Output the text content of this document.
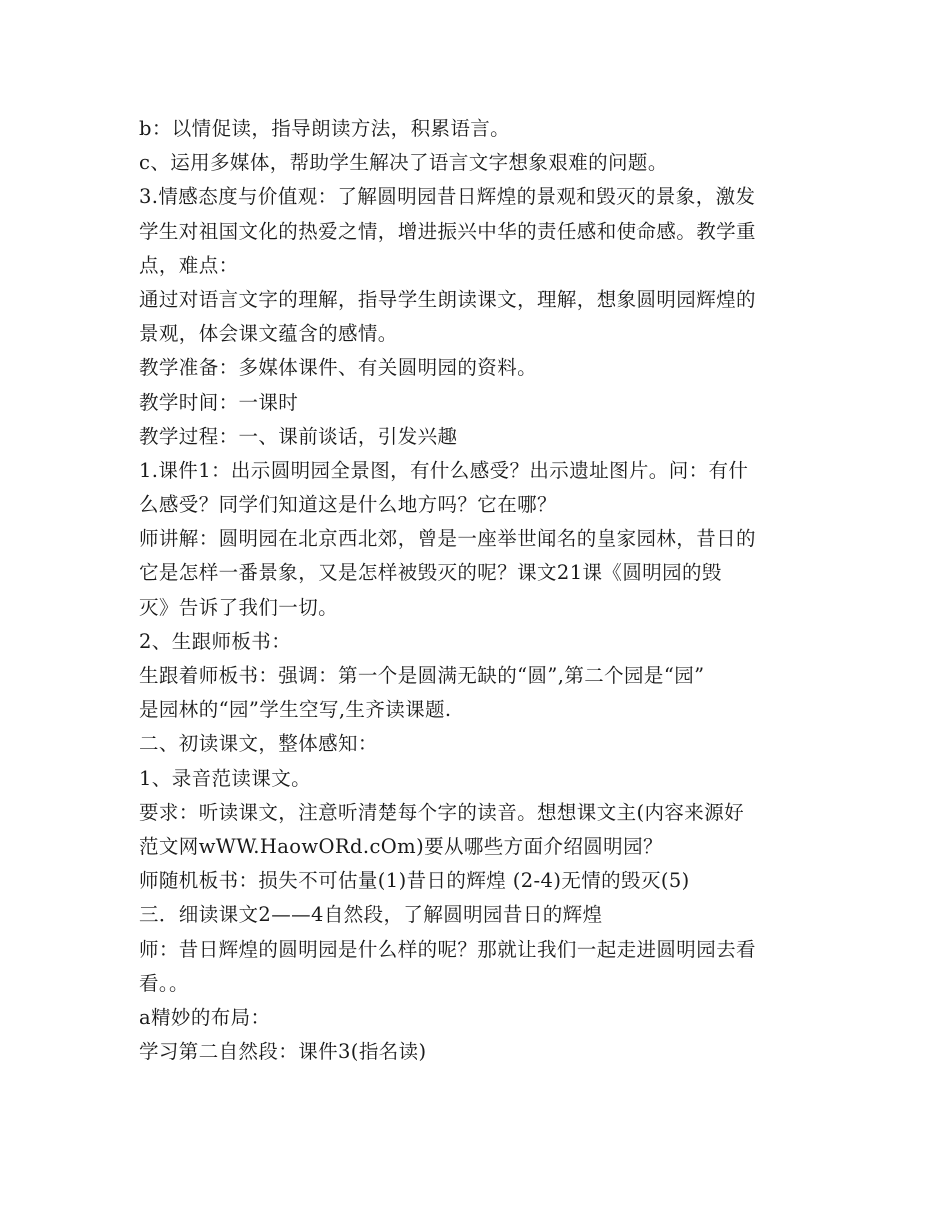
b：以情促读，指导朗读方法，积累语言。
c、运用多媒体，帮助学生解决了语言文字想象艰难的问题。
3.情感态度与价值观：了解圆明园昔日辉煌的景观和毁灭的景象，激发
学生对祖国文化的热爱之情，增进振兴中华的责任感和使命感。教学重
点，难点：
通过对语言文字的理解，指导学生朗读课文，理解，想象圆明园辉煌的
景观，体会课文蕴含的感情。
教学准备：多媒体课件、有关圆明园的资料。
教学时间：一课时
教学过程：一、课前谈话，引发兴趣
1.课件1：出示圆明园全景图，有什么感受？出示遗址图片。问：有什
么感受？同学们知道这是什么地方吗？它在哪？
师讲解：圆明园在北京西北郊，曾是一座举世闻名的皇家园林，昔日的
它是怎样一番景象，又是怎样被毁灭的呢？课文21课《圆明园的毁
灭》告诉了我们一切。
2、生跟师板书：
生跟着师板书：强调：第一个是圆满无缺的“圆”,第二个园是“园”
是园林的“园”学生空写,生齐读课题.
二、初读课文，整体感知：
1、录音范读课文。
要求：听读课文，注意听清楚每个字的读音。想想课文主(内容来源好
范文网wWW.HaowORd.cOm)要从哪些方面介绍圆明园？
师随机板书：损失不可估量(1)昔日的辉煌 (2-4)无情的毁灭(5)
三．细读课文2——4自然段，了解圆明园昔日的辉煌
师：昔日辉煌的圆明园是什么样的呢？那就让我们一起走进圆明园去看
看。。
a精妙的布局：
学习第二自然段：课件3(指名读)
